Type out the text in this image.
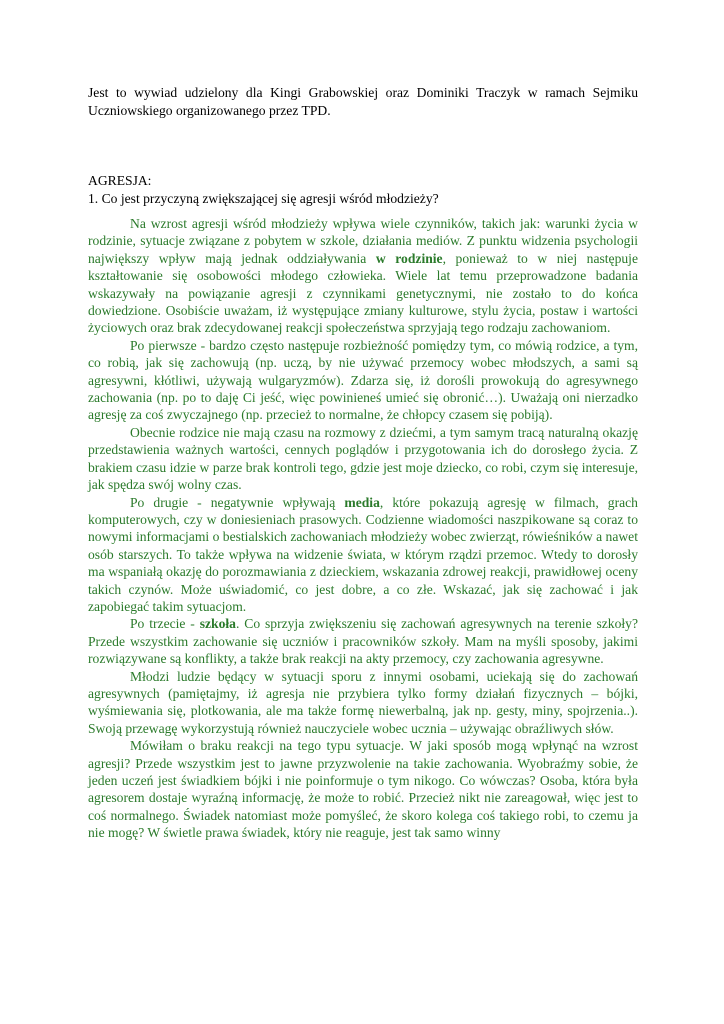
Jest to wywiad udzielony dla Kingi Grabowskiej oraz Dominiki Traczyk w ramach Sejmiku Uczniowskiego organizowanego przez TPD.
AGRESJA:
1. Co jest przyczyną zwiększającej się agresji wśród młodzieży?

Na wzrost agresji wśród młodzieży wpływa wiele czynników, takich jak: warunki życia w rodzinie, sytuacje związane z pobytem w szkole, działania mediów. Z punktu widzenia psychologii największy wpływ mają jednak oddziaływania w rodzinie, ponieważ to w niej następuje kształtowanie się osobowości młodego człowieka. Wiele lat temu przeprowadzone badania wskazywały na powiązanie agresji z czynnikami genetycznymi, nie zostało to do końca dowiedzione. Osobiście uważam, iż występujące zmiany kulturowe, stylu życia, postaw i wartości życiowych oraz brak zdecydowanej reakcji społeczeństwa sprzyjają tego rodzaju zachowaniom.

Po pierwsze - bardzo często następuje rozbieżność pomiędzy tym, co mówią rodzice, a tym, co robią, jak się zachowują (np. uczą, by nie używać przemocy wobec młodszych, a sami są agresywni, kłótliwi, używają wulgaryzmów). Zdarza się, iż dorośli prowokują do agresywnego zachowania (np. po to daję Ci jeść, więc powinieneś umieć się obronić…). Uważają oni nierzadko agresję za coś zwyczajnego (np. przecież to normalne, że chłopcy czasem się pobiją).

Obecnie rodzice nie mają czasu na rozmowy z dziećmi, a tym samym tracą naturalną okazję przedstawienia ważnych wartości, cennych poglądów i przygotowania ich do dorosłego życia. Z brakiem czasu idzie w parze brak kontroli tego, gdzie jest moje dziecko, co robi, czym się interesuje, jak spędza swój wolny czas.

Po drugie - negatywnie wpływają media, które pokazują agresję w filmach, grach komputerowych, czy w doniesieniach prasowych. Codzienne wiadomości naszpikowane są coraz to nowymi informacjami o bestialskich zachowaniach młodzieży wobec zwierząt, rówieśników a nawet osób starszych. To także wpływa na widzenie świata, w którym rządzi przemoc. Wtedy to dorosły ma wspaniałą okazję do porozmawiania z dzieckiem, wskazania zdrowej reakcji, prawidłowej oceny takich czynów. Może uświadomić, co jest dobre, a co złe. Wskazać, jak się zachować i jak zapobiegać takim sytuacjom.

Po trzecie - szkoła. Co sprzyja zwiększeniu się zachowań agresywnych na terenie szkoły? Przede wszystkim zachowanie się uczniów i pracowników szkoły. Mam na myśli sposoby, jakimi rozwiązywane są konflikty, a także brak reakcji na akty przemocy, czy zachowania agresywne.

Młodzi ludzie będący w sytuacji sporu z innymi osobami, uciekają się do zachowań agresywnych (pamiętajmy, iż agresja nie przybiera tylko formy działań fizycznych – bójki, wyśmiewania się, plotkowania, ale ma także formę niewerbalną, jak np. gesty, miny, spojrzenia..). Swoją przewagę wykorzystują również nauczyciele wobec ucznia – używając obraźliwych słów.

Mówiłam o braku reakcji na tego typu sytuacje. W jaki sposób mogą wpłynąć na wzrost agresji? Przede wszystkim jest to jawne przyzwolenie na takie zachowania. Wyobraźmy sobie, że jeden uczeń jest świadkiem bójki i nie poinformuje o tym nikogo. Co wówczas? Osoba, która była agresorem dostaje wyraźną informację, że może to robić. Przecież nikt nie zareagował, więc jest to coś normalnego. Świadek natomiast może pomyśleć, że skoro kolega coś takiego robi, to czemu ja nie mogę? W świetle prawa świadek, który nie reaguje, jest tak samo winny
